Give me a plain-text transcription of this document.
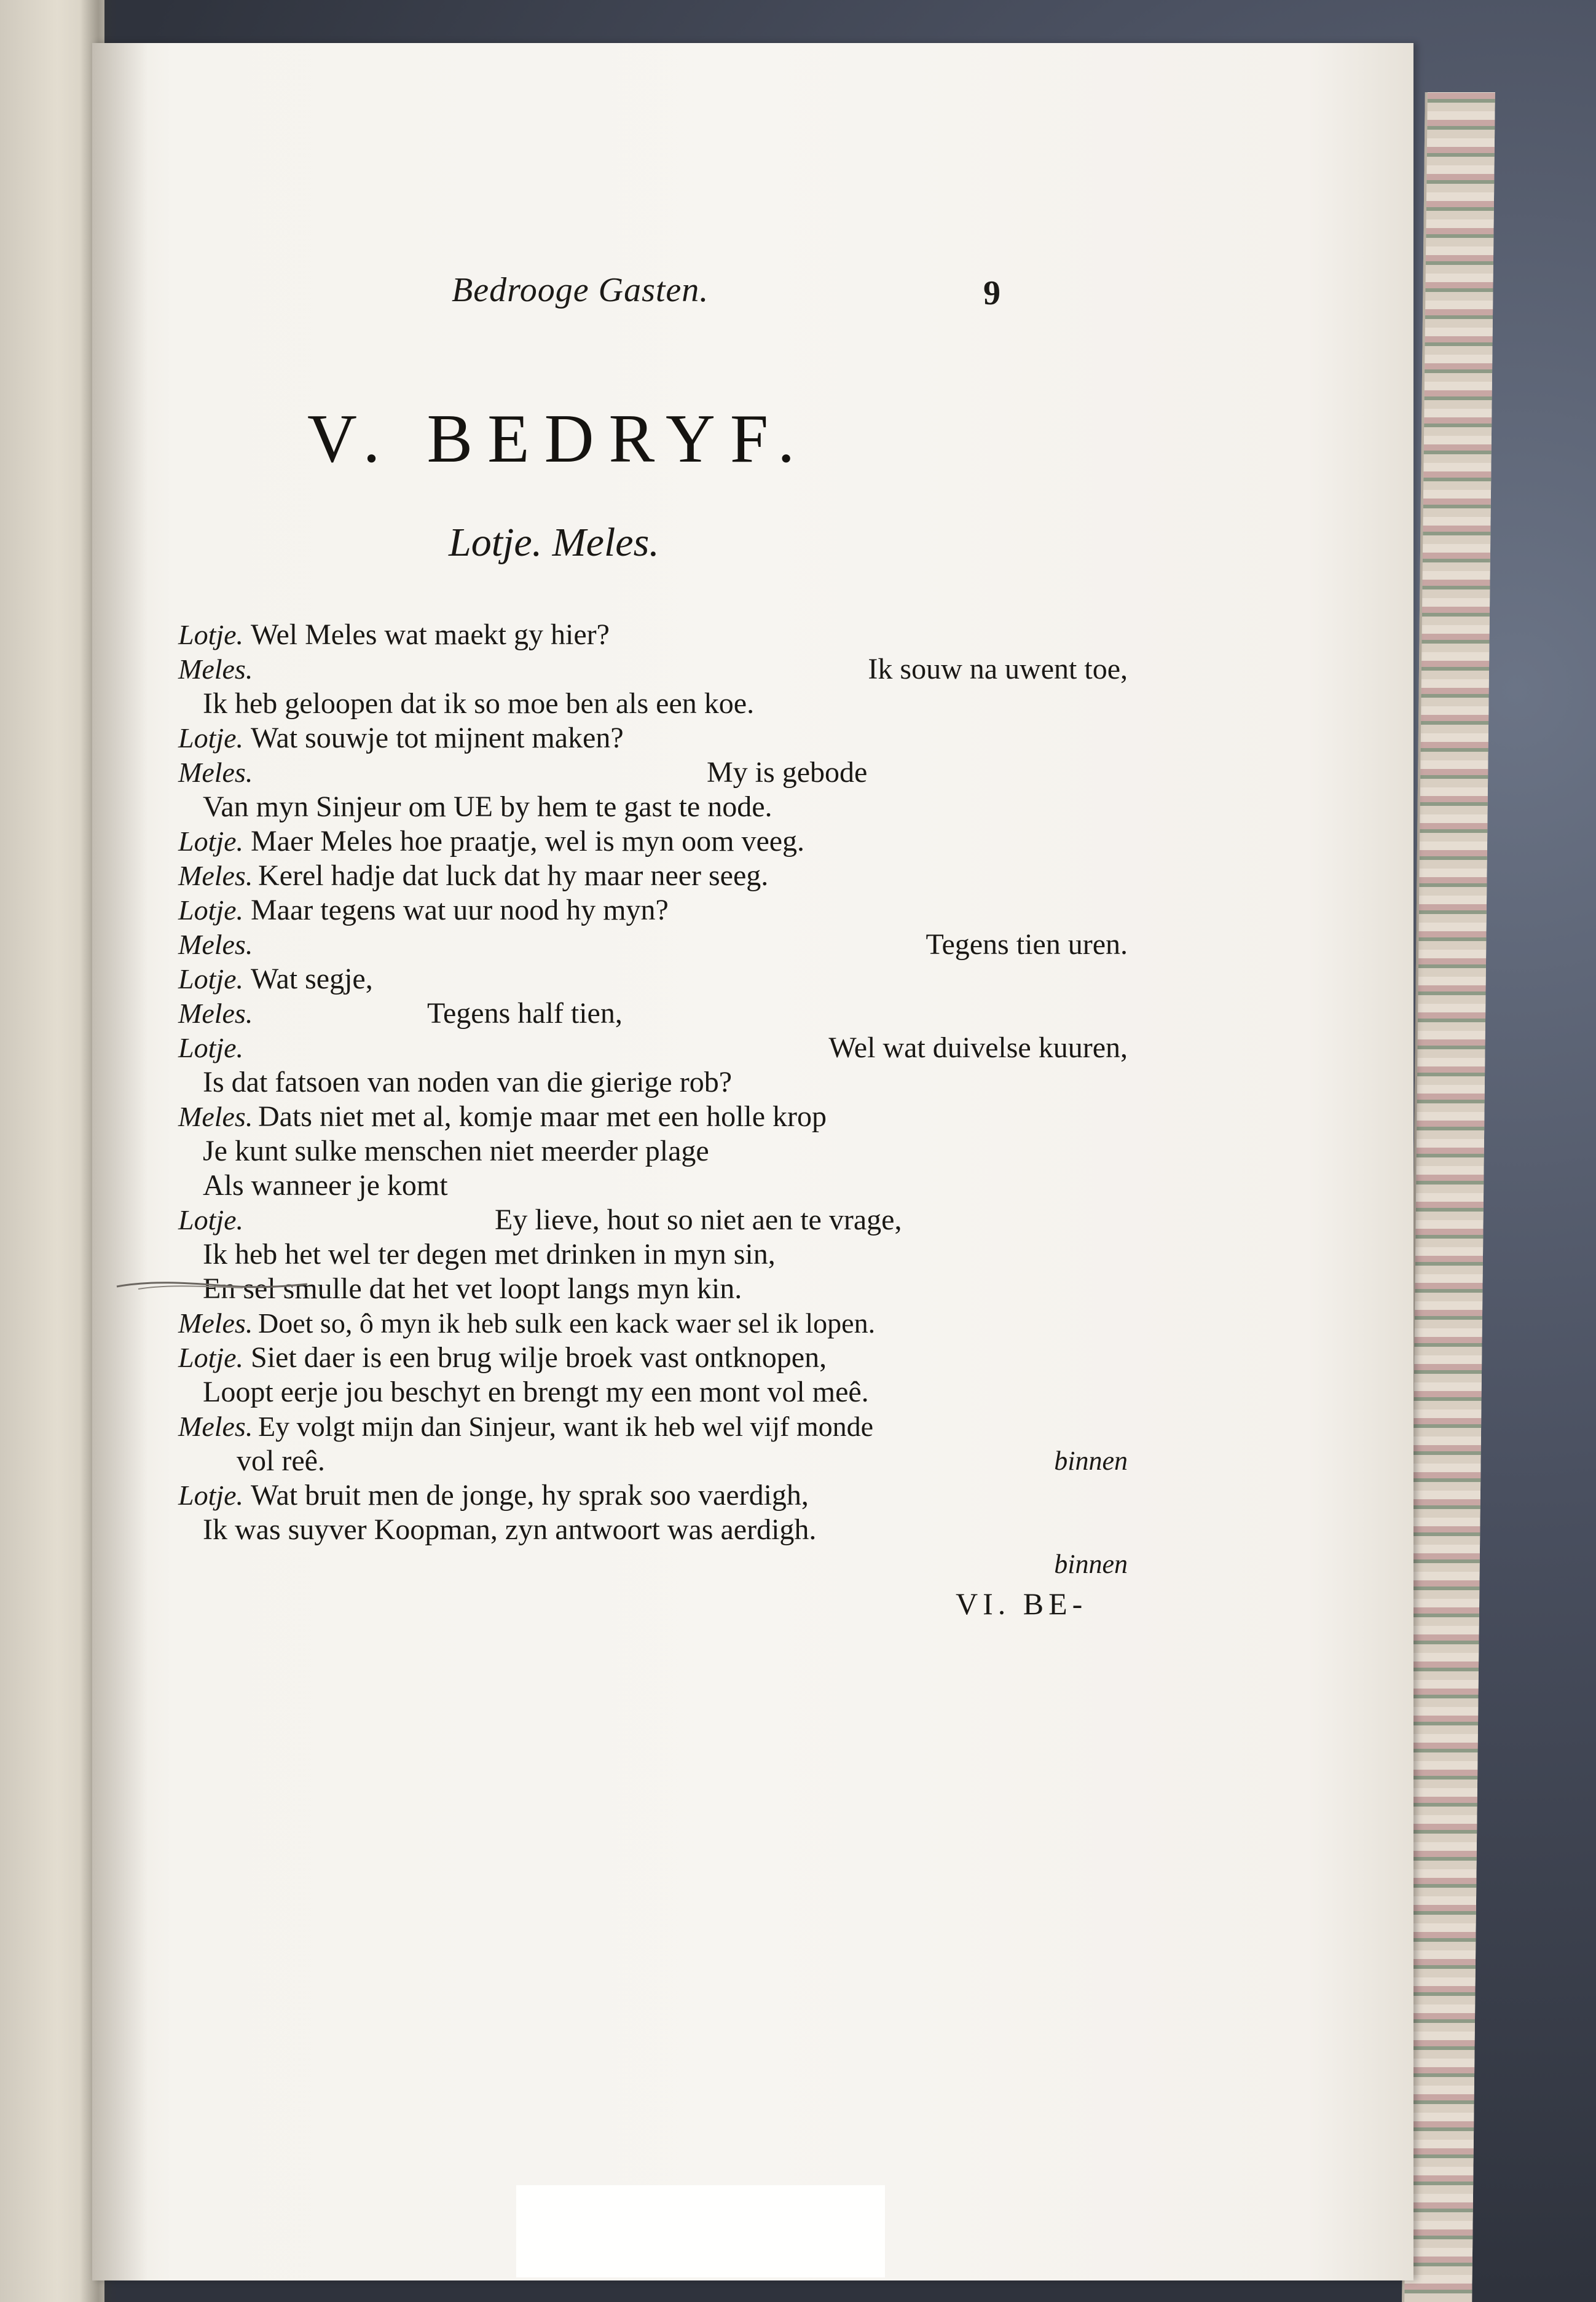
Bedrooge Gasten.	9
V. BEDRYF.
Lotje. Meles.
Lotje. Wel Meles wat maekt gy hier?
Meles.	Ik souw na uwent toe,
Ik heb geloopen dat ik so moe ben als een koe.
Lotje. Wat souwje tot mijnent maken?
Meles.	My is gebode
Van myn Sinjeur om UE by hem te gast te node.
Lotje. Maer Meles hoe praatje, wel is myn oom veeg.
Meles. Kerel hadje dat luck dat hy maar neer seeg.
Lotje. Maar tegens wat uur nood hy myn?
Meles.	Tegens tien uren.
Lotje. Wat segje,
Meles.	Tegens half tien,
Lotje.	Wel wat duivelse kuuren,
Is dat fatsoen van noden van die gierige rob?
Meles. Dats niet met al, komje maar met een holle krop
Je kunt sulke menschen niet meerder plage
Als wanneer je komt
Lotje.	Ey lieve, hout so niet aen te vrage,
Ik heb het wel ter degen met drinken in myn sin,
En sel smulle dat het vet loopt langs myn kin.
Meles. Doet so, ô myn ik heb sulk een kack waer sel ik lopen.
Lotje. Siet daer is een brug wilje broek vast ontknopen,
Loopt eerje jou beschyt en brengt my een mont vol meê.
Meles. Ey volgt mijn dan Sinjeur, want ik heb wel vijf monde
vol reê.	binnen
Lotje. Wat bruit men de jonge, hy sprak soo vaerdigh,
Ik was suyver Koopman, zyn antwoort was aerdigh.
binnen
VI. BE-
